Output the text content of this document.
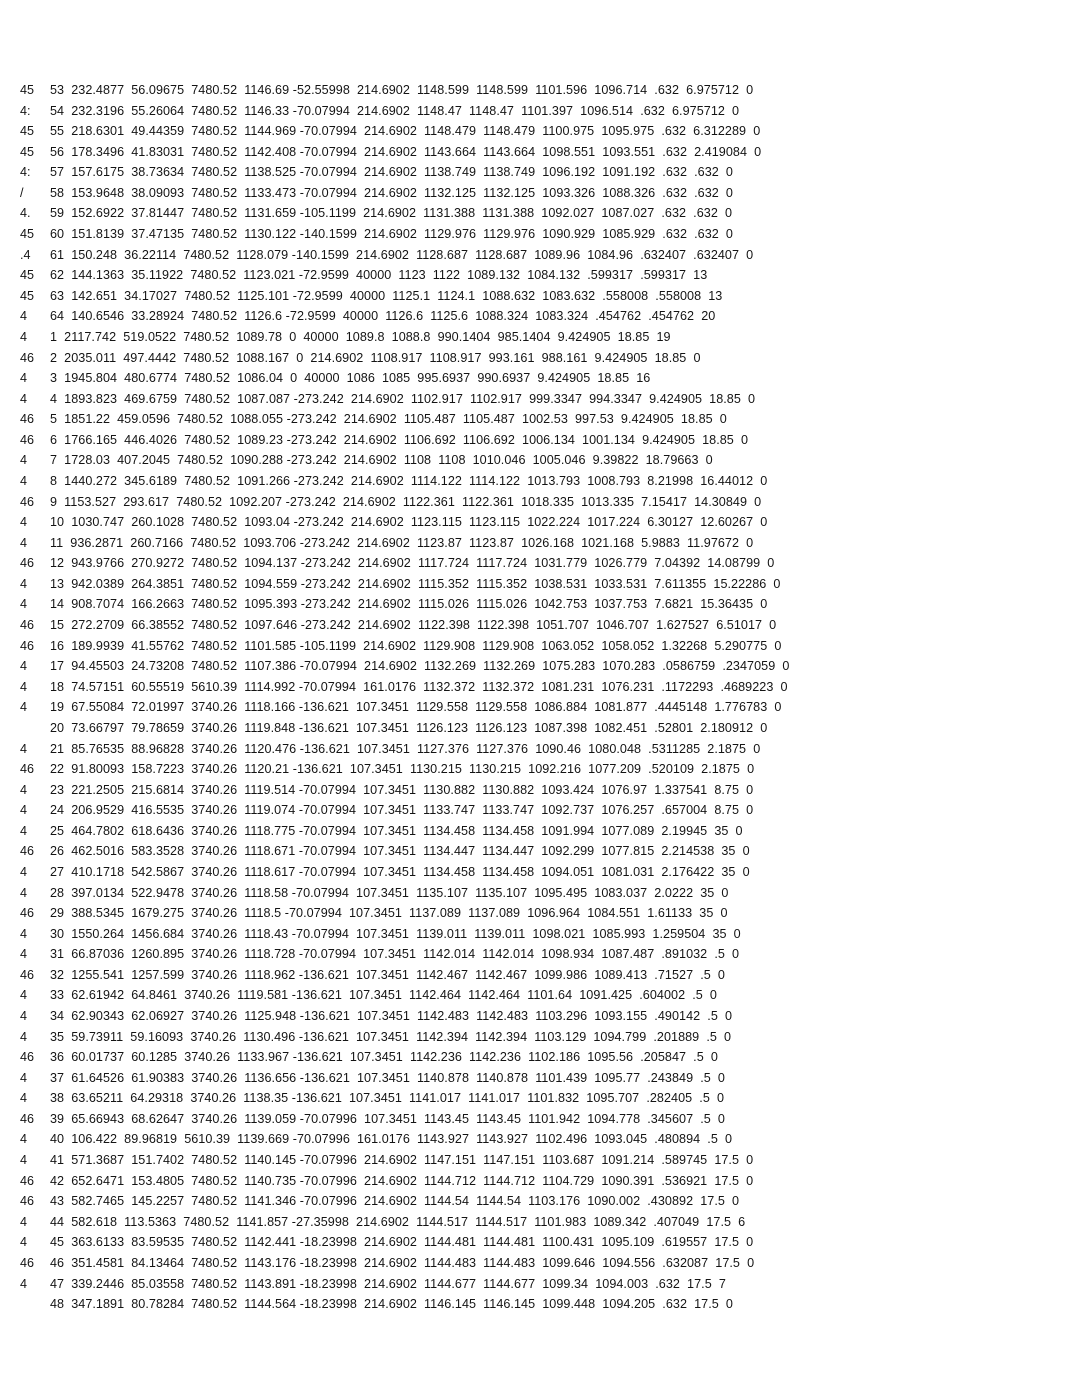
45	53  232.4877  56.09675  7480.52  1146.69 -52.55998  214.6902  1148.599  1148.599  1101.596  1096.714  .632  6.975712  0
4:	54  232.3196  55.26064  7480.52  1146.33 -70.07994  214.6902  1148.47  1148.47  1101.397  1096.514  .632  6.975712  0
45	55  218.6301  49.44359  7480.52  1144.969 -70.07994  214.6902  1148.479  1148.479  1100.975  1095.975  .632  6.312289  0
45	56  178.3496  41.83031  7480.52  1142.408 -70.07994  214.6902  1143.664  1143.664  1098.551  1093.551  .632  2.419084  0
4:	57  157.6175  38.73634  7480.52  1138.525 -70.07994  214.6902  1138.749  1138.749  1096.192  1091.192  .632  .632  0
/	58  153.9648  38.09093  7480.52  1133.473 -70.07994  214.6902  1132.125  1132.125  1093.326  1088.326  .632  .632  0
4.	59  152.6922  37.81447  7480.52  1131.659 -105.1199  214.6902  1131.388  1131.388  1092.027  1087.027  .632  .632  0
45	60  151.8139  37.47135  7480.52  1130.122 -140.1599  214.6902  1129.976  1129.976  1090.929  1085.929  .632  .632  0
.4	61  150.248  36.22114  7480.52  1128.079 -140.1599  214.6902  1128.687  1128.687  1089.96  1084.96  .632407  .632407  0
45	62  144.1363  35.11922  7480.52  1123.021 -72.9599  40000  1123  1122  1089.132  1084.132  .599317  .599317  13
45	63  142.651  34.17027  7480.52  1125.101 -72.9599  40000  1125.1  1124.1  1088.632  1083.632  .558008  .558008  13
4	64  140.6546  33.28924  7480.52  1126.6 -72.9599  40000  1126.6  1125.6  1088.324  1083.324  .454762  .454762  20
4	1  2117.742  519.0522  7480.52  1089.78  0  40000  1089.8  1088.8  990.1404  985.1404  9.424905  18.85  19
46	2  2035.011  497.4442  7480.52  1088.167  0  214.6902  1108.917  1108.917  993.161  988.161  9.424905  18.85  0
4	3  1945.804  480.6774  7480.52  1086.04  0  40000  1086  1085  995.6937  990.6937  9.424905  18.85  16
4	4  1893.823  469.6759  7480.52  1087.087 -273.242  214.6902  1102.917  1102.917  999.3347  994.3347  9.424905  18.85  0
46	5  1851.22  459.0596  7480.52  1088.055 -273.242  214.6902  1105.487  1105.487  1002.53  997.53  9.424905  18.85  0
46	6  1766.165  446.4026  7480.52  1089.23 -273.242  214.6902  1106.692  1106.692  1006.134  1001.134  9.424905  18.85  0
4	7  1728.03  407.2045  7480.52  1090.288 -273.242  214.6902  1108  1108  1010.046  1005.046  9.39822  18.79663  0
4	8  1440.272  345.6189  7480.52  1091.266 -273.242  214.6902  1114.122  1114.122  1013.793  1008.793  8.21998  16.44012  0
46	9  1153.527  293.617  7480.52  1092.207 -273.242  214.6902  1122.361  1122.361  1018.335  1013.335  7.15417  14.30849  0
4	10  1030.747  260.1028  7480.52  1093.04 -273.242  214.6902  1123.115  1123.115  1022.224  1017.224  6.30127  12.60267  0
4	11  936.2871  260.7166  7480.52  1093.706 -273.242  214.6902  1123.87  1123.87  1026.168  1021.168  5.9883  11.97672  0
46	12  943.9766  270.9272  7480.52  1094.137 -273.242  214.6902  1117.724  1117.724  1031.779  1026.779  7.04392  14.08799  0
4	13  942.0389  264.3851  7480.52  1094.559 -273.242  214.6902  1115.352  1115.352  1038.531  1033.531  7.611355  15.22286  0
4	14  908.7074  166.2663  7480.52  1095.393 -273.242  214.6902  1115.026  1115.026  1042.753  1037.753  7.6821  15.36435  0
46	15  272.2709  66.38552  7480.52  1097.646 -273.242  214.6902  1122.398  1122.398  1051.707  1046.707  1.627527  6.51017  0
46	16  189.9939  41.55762  7480.52  1101.585 -105.1199  214.6902  1129.908  1129.908  1063.052  1058.052  1.32268  5.290775  0
4	17  94.45503  24.73208  7480.52  1107.386 -70.07994  214.6902  1132.269  1132.269  1075.283  1070.283  .0586759  .2347059  0
4	18  74.57151  60.55519  5610.39  1114.992 -70.07994  161.0176  1132.372  1132.372  1081.231  1076.231  .1172293  .4689223  0
4	19  67.55084  72.01997  3740.26  1118.166 -136.621  107.3451  1129.558  1129.558  1086.884  1081.877  .4445148  1.776783  0
20  73.66797  79.78659  3740.26  1119.848 -136.621  107.3451  1126.123  1126.123  1087.398  1082.451  .52801  2.180912  0
4	21  85.76535  88.96828  3740.26  1120.476 -136.621  107.3451  1127.376  1127.376  1090.46  1080.048  .5311285  2.1875  0
46	22  91.80093  158.7223  3740.26  1120.21 -136.621  107.3451  1130.215  1130.215  1092.216  1077.209  .520109  2.1875  0
4	23  221.2505  215.6814  3740.26  1119.514 -70.07994  107.3451  1130.882  1130.882  1093.424  1076.97  1.337541  8.75  0
4	24  206.9529  416.5535  3740.26  1119.074 -70.07994  107.3451  1133.747  1133.747  1092.737  1076.257  .657004  8.75  0
4	25  464.7802  618.6436  3740.26  1118.775 -70.07994  107.3451  1134.458  1134.458  1091.994  1077.089  2.19945  35  0
46	26  462.5016  583.3528  3740.26  1118.671 -70.07994  107.3451  1134.447  1134.447  1092.299  1077.815  2.214538  35  0
4	27  410.1718  542.5867  3740.26  1118.617 -70.07994  107.3451  1134.458  1134.458  1094.051  1081.031  2.176422  35  0
4	28  397.0134  522.9478  3740.26  1118.58 -70.07994  107.3451  1135.107  1135.107  1095.495  1083.037  2.0222  35  0
46	29  388.5345  1679.275  3740.26  1118.5 -70.07994  107.3451  1137.089  1137.089  1096.964  1084.551  1.61133  35  0
4	30  1550.264  1456.684  3740.26  1118.43 -70.07994  107.3451  1139.011  1139.011  1098.021  1085.993  1.259504  35  0
4	31  66.87036  1260.895  3740.26  1118.728 -70.07994  107.3451  1142.014  1142.014  1098.934  1087.487  .891032  .5  0
46	32  1255.541  1257.599  3740.26  1118.962 -136.621  107.3451  1142.467  1142.467  1099.986  1089.413  .71527  .5  0
4	33  62.61942  64.8461  3740.26  1119.581 -136.621  107.3451  1142.464  1142.464  1101.64  1091.425  .604002  .5  0
4	34  62.90343  62.06927  3740.26  1125.948 -136.621  107.3451  1142.483  1142.483  1103.296  1093.155  .490142  .5  0
4	35  59.73911  59.16093  3740.26  1130.496 -136.621  107.3451  1142.394  1142.394  1103.129  1094.799  .201889  .5  0
46	36  60.01737  60.1285  3740.26  1133.967 -136.621  107.3451  1142.236  1142.236  1102.186  1095.56  .205847  .5  0
4	37  61.64526  61.90383  3740.26  1136.656 -136.621  107.3451  1140.878  1140.878  1101.439  1095.77  .243849  .5  0
4	38  63.65211  64.29318  3740.26  1138.35 -136.621  107.3451  1141.017  1141.017  1101.832  1095.707  .282405  .5  0
46	39  65.66943  68.62647  3740.26  1139.059 -70.07996  107.3451  1143.45  1143.45  1101.942  1094.778  .345607  .5  0
4	40  106.422  89.96819  5610.39  1139.669 -70.07996  161.0176  1143.927  1143.927  1102.496  1093.045  .480894  .5  0
4	41  571.3687  151.7402  7480.52  1140.145 -70.07996  214.6902  1147.151  1147.151  1103.687  1091.214  .589745  17.5  0
46	42  652.6471  153.4805  7480.52  1140.735 -70.07996  214.6902  1144.712  1144.712  1104.729  1090.391  .536921  17.5  0
46	43  582.7465  145.2257  7480.52  1141.346 -70.07996  214.6902  1144.54  1144.54  1103.176  1090.002  .430892  17.5  0
4	44  582.618  113.5363  7480.52  1141.857 -27.35998  214.6902  1144.517  1144.517  1101.983  1089.342  .407049  17.5  6
4	45  363.6133  83.59535  7480.52  1142.441 -18.23998  214.6902  1144.481  1144.481  1100.431  1095.109  .619557  17.5  0
46	46  351.4581  84.13464  7480.52  1143.176 -18.23998  214.6902  1144.483  1144.483  1099.646  1094.556  .632087  17.5  0
4	47  339.2446  85.03558  7480.52  1143.891 -18.23998  214.6902  1144.677  1144.677  1099.34  1094.003  .632  17.5  7
48  347.1891  80.78284  7480.52  1144.564 -18.23998  214.6902  1146.145  1146.145  1099.448  1094.205  .632  17.5  0
